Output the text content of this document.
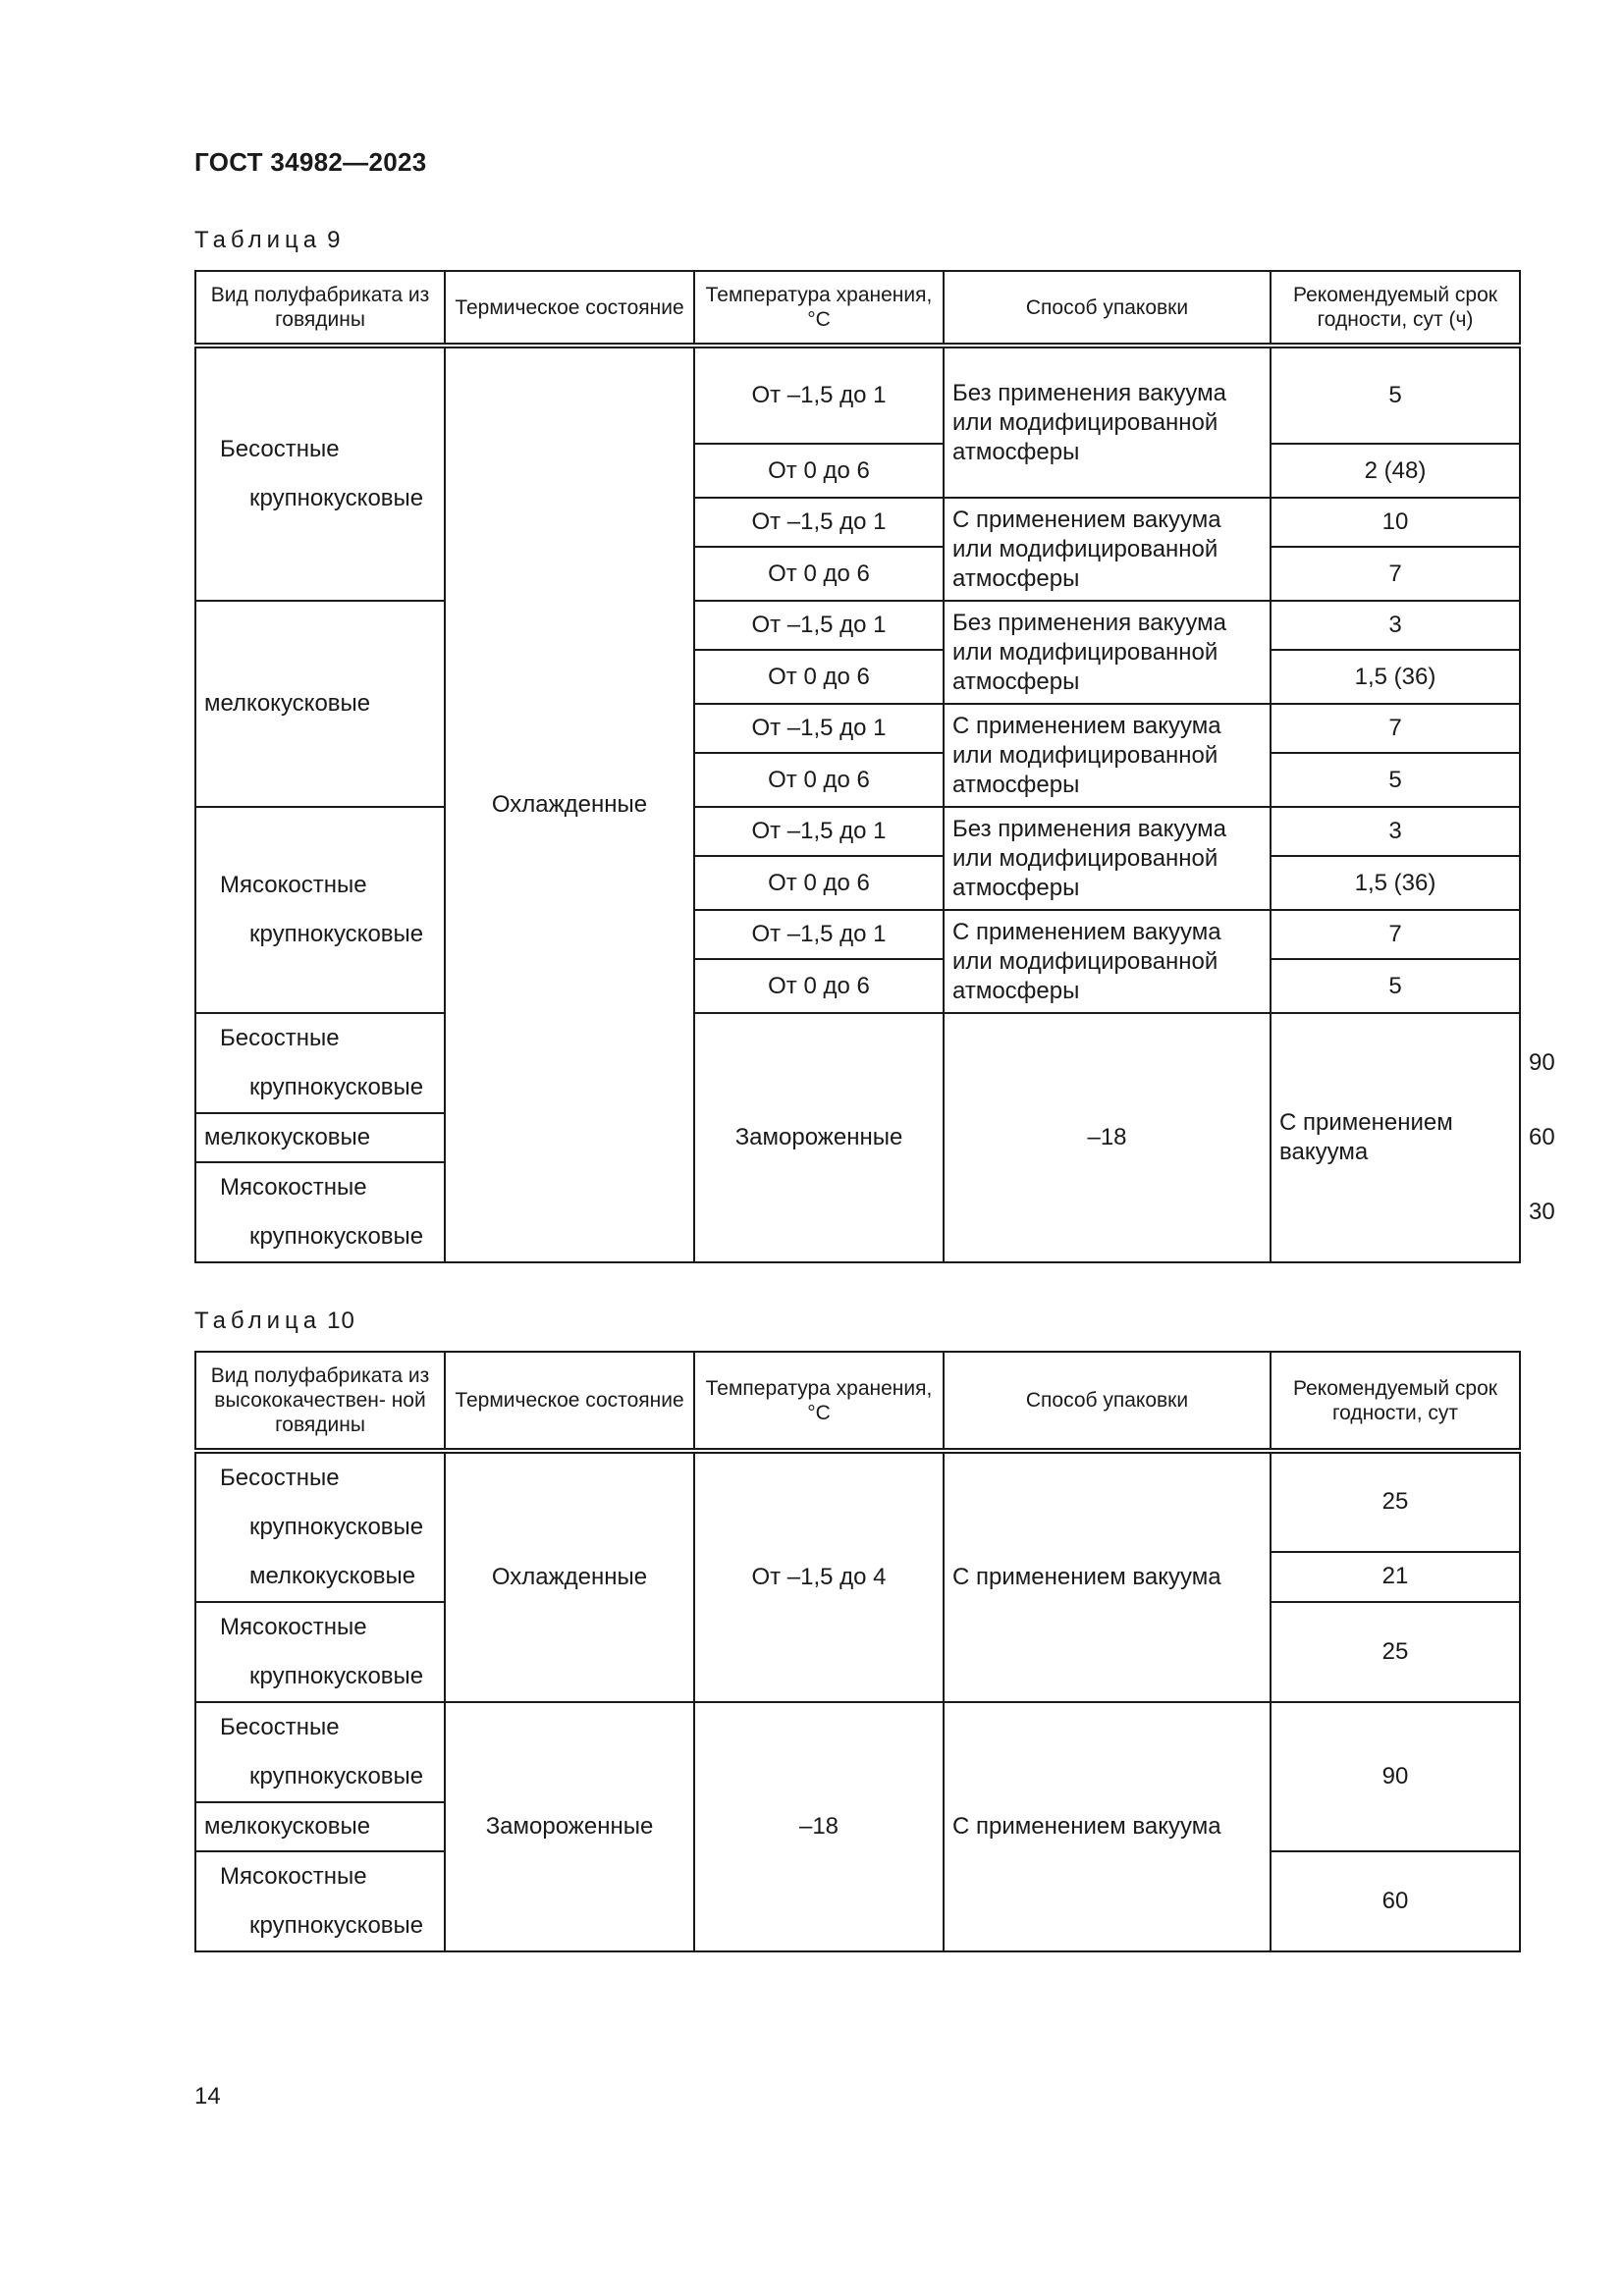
ГОСТ 34982—2023
Таблица 9
Вид полуфабриката из говядины	Термическое состояние	Температура хранения, °С	Способ упаковки	Рекомендуемый срок годности, сут (ч)	

Бесостные
крупнокусковые	Охлажденные	От –1,5 до 1	Без применения вакуума или модифицированной атмосферы	5	

		От 0 до 6		2 (48)	
		От –1,5 до 1	С применением вакуума или модифицированной атмосферы	10	
		От 0 до 6		7	

мелкокусковые		От –1,5 до 1	Без применения вакуума или модифицированной атмосферы	3	
		От 0 до 6		1,5 (36)	
		От –1,5 до 1	С применением вакуума или модифицированной атмосферы	7	
		От 0 до 6		5	

Мясокостные
крупнокусковые		От –1,5 до 1	Без применения вакуума или модифицированной атмосферы	3	
		От 0 до 6		1,5 (36)	
		От –1,5 до 1	С применением вакуума или модифицированной атмосферы	7	
		От 0 до 6		5	

Бесостные
крупнокусковые		Замороженные	–18	С применением вакуума	90

мелкокусковые					60

Мясокостные
крупнокусковые					30

Таблица 10
Вид полуфабриката из высококачествен- ной говядины	Термическое состояние	Температура хранения, °С	Способ упаковки	Рекомендуемый срок годности, сут

Бесостные
крупнокусковые
мелкокусковые	Охлажденные	От –1,5 до 4	С применением вакуума	25

				21

Мясокостные
крупнокусковые				25

Бесостные
крупнокусковые	Замороженные	–18	С применением вакуума	90

мелкокусковые				

Мясокостные
крупнокусковые				60

14
